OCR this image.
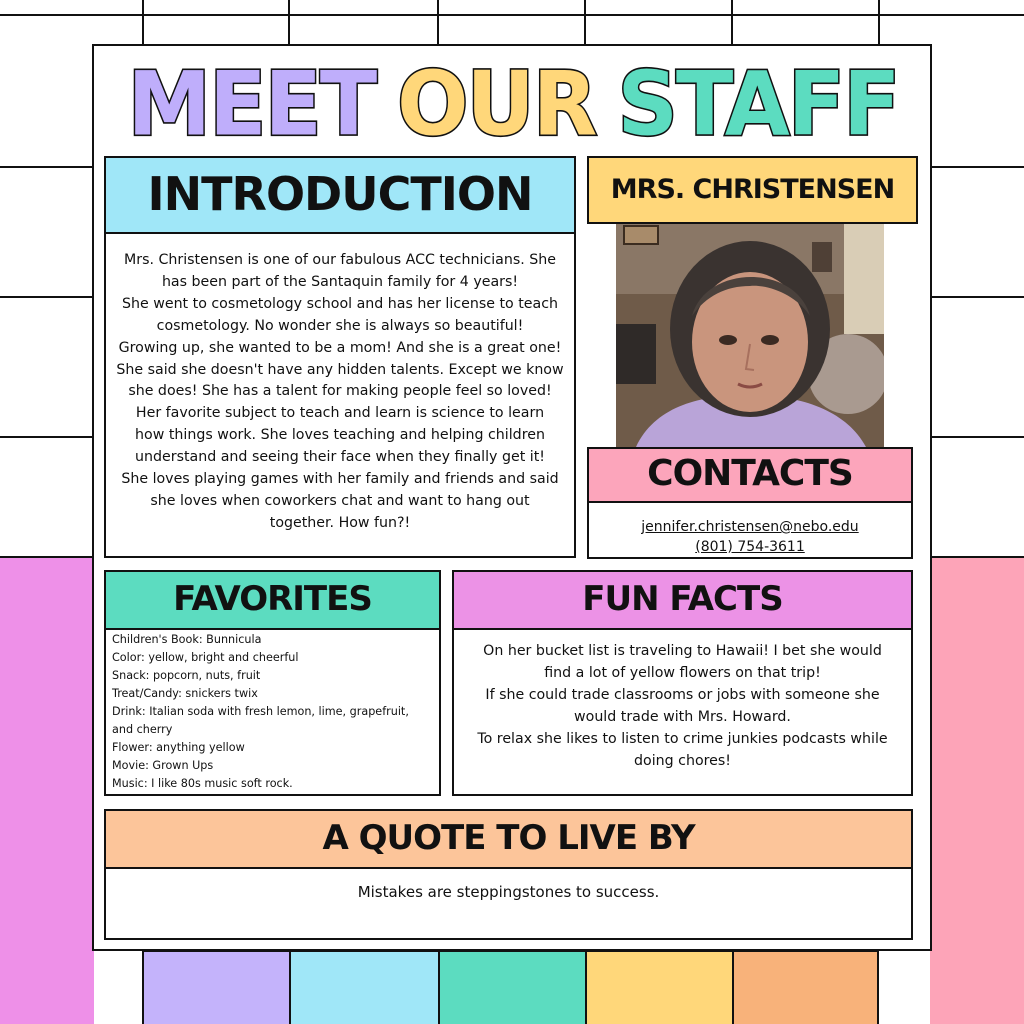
MEET OUR STAFF
INTRODUCTION
Mrs. Christensen is one of our fabulous ACC technicians. She
has been part of the Santaquin family for 4 years!
She went to cosmetology school and has her license to teach
cosmetology. No wonder she is always so beautiful!
Growing up, she wanted to be a mom! And she is a great one!
She said she doesn't have any hidden talents. Except we know
she does! She has a talent for making people feel so loved!
Her favorite subject to teach and learn is science to learn
how things work. She loves teaching and helping children
understand and seeing their face when they finally get it!
She loves playing games with her family and friends and said
she loves when coworkers chat and want to hang out
together. How fun?!
MRS. CHRISTENSEN
CONTACTS
jennifer.christensen@nebo.edu
(801) 754-3611
FAVORITES
Children's Book: Bunnicula
Color: yellow, bright and cheerful
Snack: popcorn, nuts, fruit
Treat/Candy: snickers twix
Drink: Italian soda with fresh lemon, lime, grapefruit,
and cherry
Flower: anything yellow
Movie: Grown Ups
Music: I like 80s music soft rock.
FUN FACTS
On her bucket list is traveling to Hawaii! I bet she would
find a lot of yellow flowers on that trip!
If she could trade classrooms or jobs with someone she
would trade with Mrs. Howard.
To relax she likes to listen to crime junkies podcasts while
doing chores!
A QUOTE TO LIVE BY
Mistakes are steppingstones to success.
